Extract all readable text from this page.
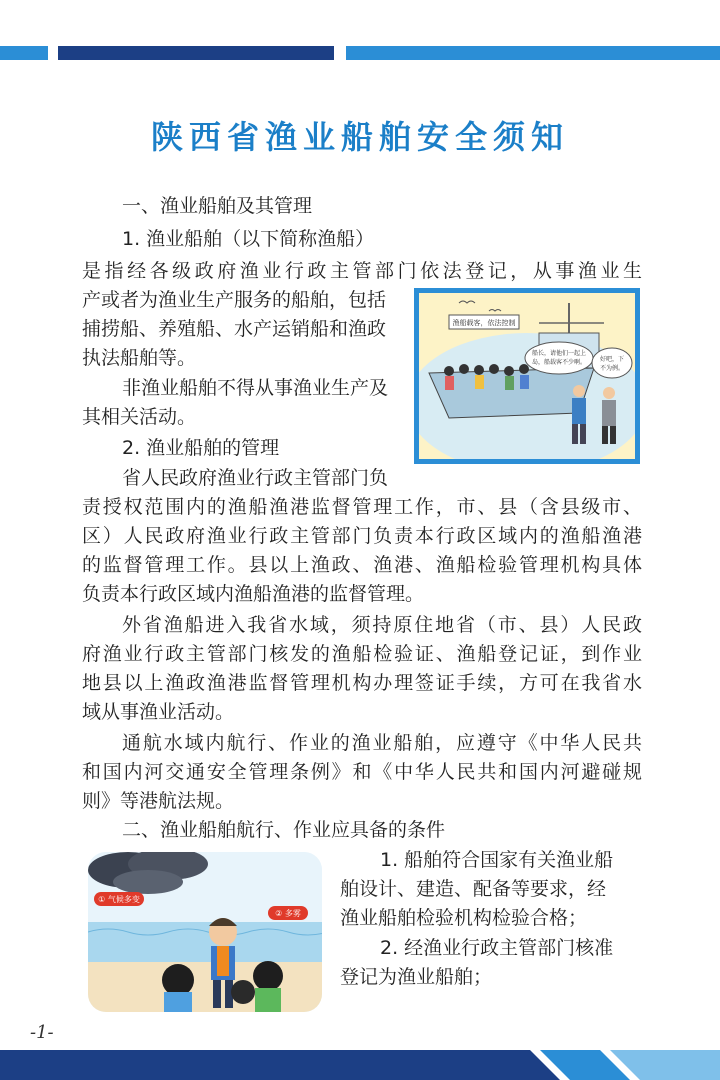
陕西省渔业船舶安全须知
一、渔业船舶及其管理
1. 渔业船舶（以下简称渔船）
是指经各级政府渔业行政主管部门依法登记，从事渔业生
产或者为渔业生产服务的船舶，包括
捕捞船、养殖船、水产运销船和渔政
执法船舶等。
非渔业船舶不得从事渔业生产及
其相关活动。
2. 渔业船舶的管理
省人民政府渔业行政主管部门负
责授权范围内的渔船渔港监督管理工作，市、县（含县级市、
区）人民政府渔业行政主管部门负责本行政区域内的渔船渔港
的监督管理工作。县以上渔政、渔港、渔船检验管理机构具体
负责本行政区域内渔船渔港的监督管理。
外省渔船进入我省水域，须持原住地省（市、县）人民政
府渔业行政主管部门核发的渔船检验证、渔船登记证，到作业
地县以上渔政渔港监督管理机构办理签证手续，方可在我省水
域从事渔业活动。
通航水域内航行、作业的渔业船舶，应遵守《中华人民共
和国内河交通安全管理条例》和《中华人民共和国内河避碰规
则》等港航法规。
二、渔业船舶航行、作业应具备的条件
1. 船舶符合国家有关渔业船
舶设计、建造、配备等要求，经
渔业船舶检验机构检验合格；
2. 经渔业行政主管部门核准
登记为渔业船舶；
渔船载客，依法控制
船长，请他们一起上
岛，船载客不少啊。 好吧，下
不为例。
① 气候多变
② 多雾
-1-
